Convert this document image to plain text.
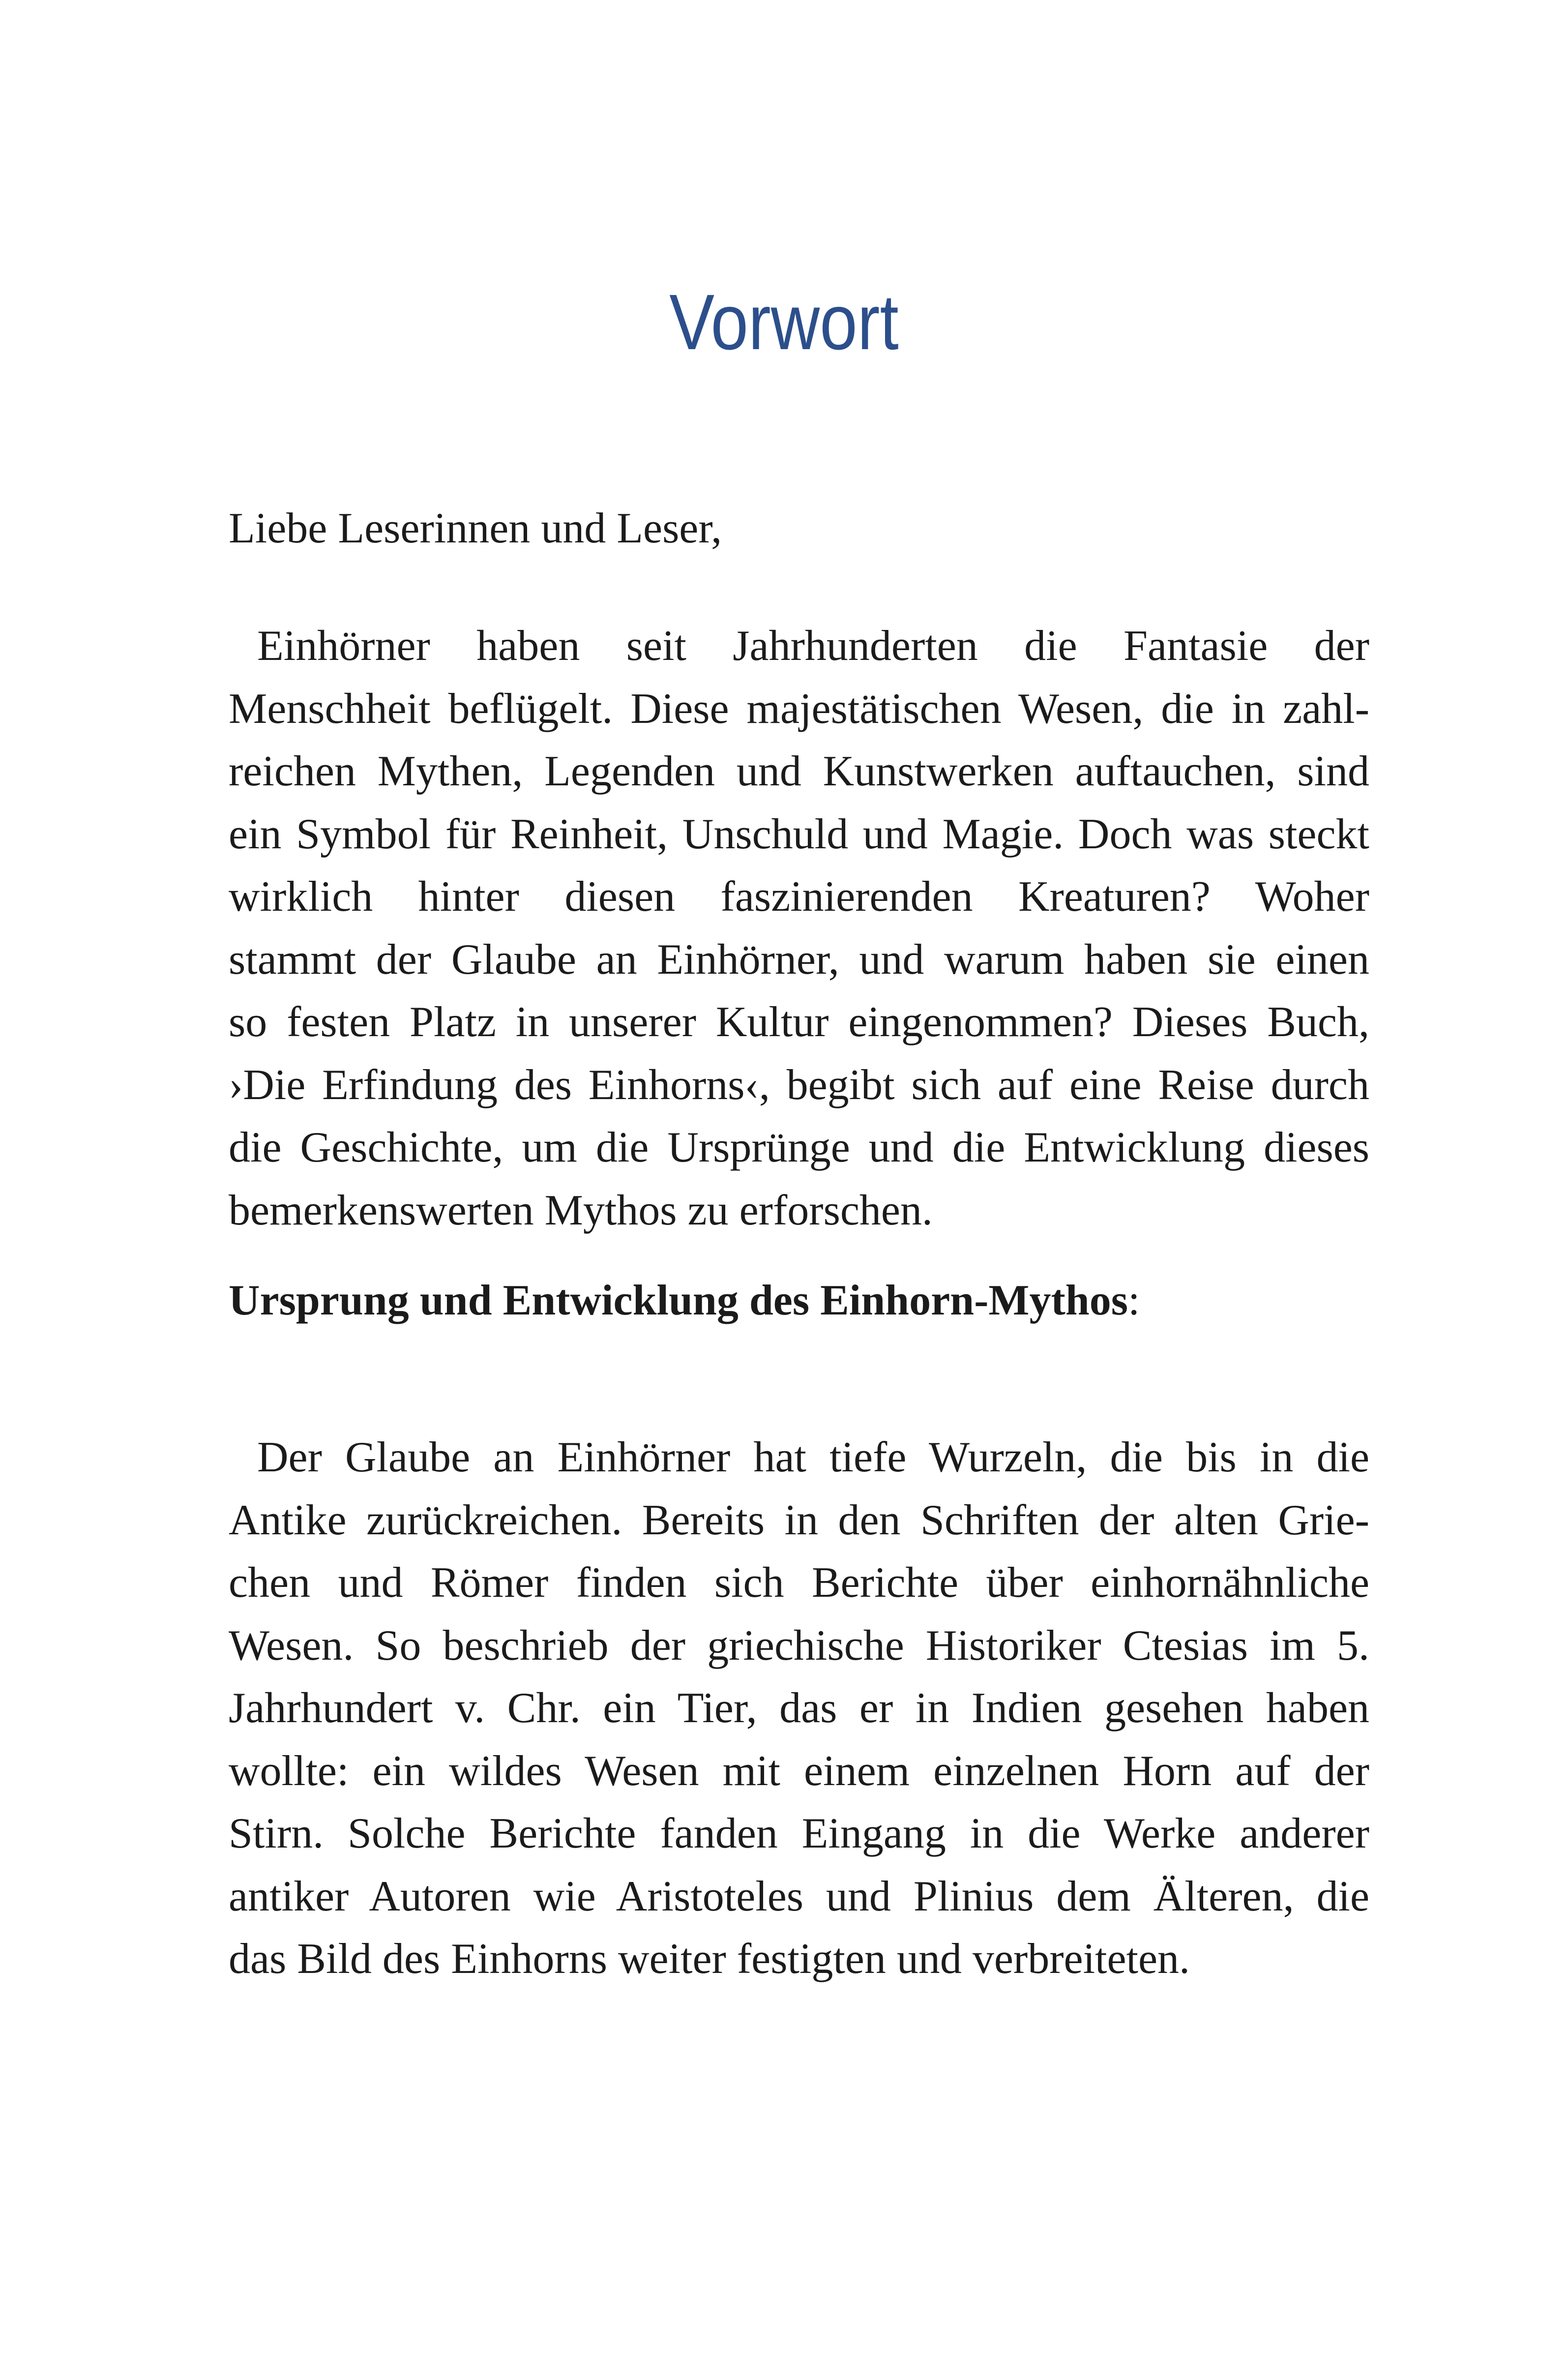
Vorwort
Liebe Leserinnen und Leser,

Einhörner haben seit Jahrhunderten die Fantasie der
Menschheit beflügelt. Diese majestätischen Wesen, die in zahl-
reichen Mythen, Legenden und Kunstwerken auftauchen, sind
ein Symbol für Reinheit, Unschuld und Magie. Doch was steckt
wirklich hinter diesen faszinierenden Kreaturen? Woher
stammt der Glaube an Einhörner, und warum haben sie einen
so festen Platz in unserer Kultur eingenommen? Dieses Buch,
›Die Erfindung des Einhorns‹, begibt sich auf eine Reise durch
die Geschichte, um die Ursprünge und die Entwicklung dieses
bemerkenswerten Mythos zu erforschen.

Ursprung und Entwicklung des Einhorn-Mythos:

Der Glaube an Einhörner hat tiefe Wurzeln, die bis in die
Antike zurückreichen. Bereits in den Schriften der alten Grie-
chen und Römer finden sich Berichte über einhornähnliche
Wesen. So beschrieb der griechische Historiker Ctesias im 5.
Jahrhundert v. Chr. ein Tier, das er in Indien gesehen haben
wollte: ein wildes Wesen mit einem einzelnen Horn auf der
Stirn. Solche Berichte fanden Eingang in die Werke anderer
antiker Autoren wie Aristoteles und Plinius dem Älteren, die
das Bild des Einhorns weiter festigten und verbreiteten.
